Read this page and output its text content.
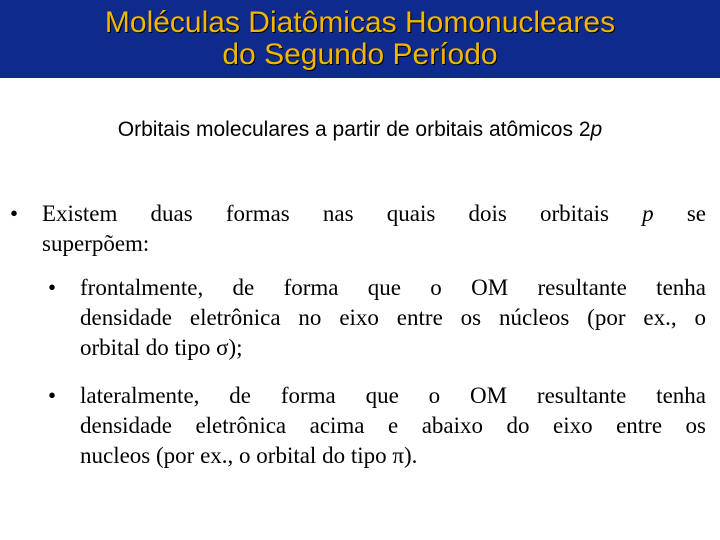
Moléculas Diatômicas Homonucleares
do Segundo Período
Orbitais moleculares a partir de orbitais atômicos 2p
•	Existem duas formas nas quais dois orbitais p se
superpõem:
•	frontalmente, de forma que o OM resultante tenha
densidade eletrônica no eixo entre os núcleos (por ex., o
orbital do tipo σ);
•	lateralmente, de forma que o OM resultante tenha
densidade eletrônica acima e abaixo do eixo entre os
nucleos (por ex., o orbital do tipo π).
